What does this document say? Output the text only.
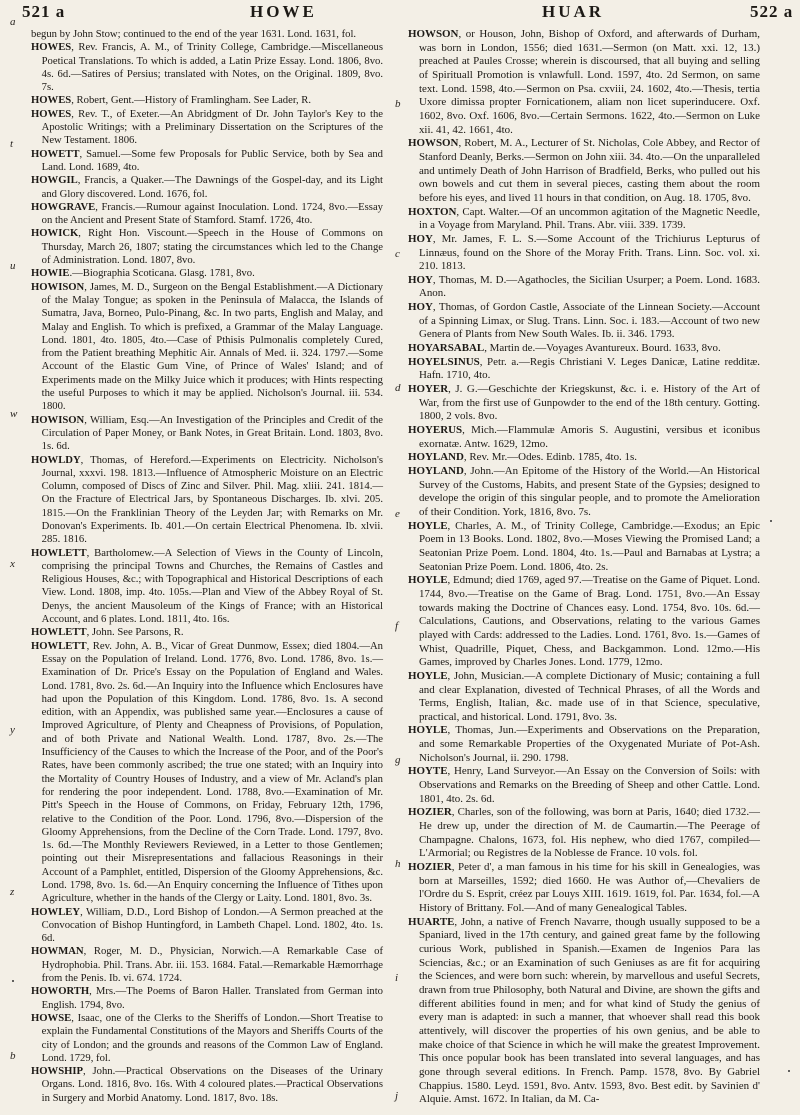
521 a	HOWE	HUAR	522 a

begun by John Stow; continued to the end of the year 1631. Lond. 1631, fol.

HOWES, Rev. Francis, A. M., of Trinity College, Cambridge.—Miscellaneous Poetical Translations. To which is added, a Latin Prize Essay. Lond. 1806, 8vo. 4s. 6d.—Satires of Persius; translated with Notes, on the Original. 1809, 8vo. 7s.

HOWES, Robert, Gent.—History of Framlingham. See Lader, R.

HOWES, Rev. T., of Exeter.—An Abridgment of Dr. John Taylor's Key to the Apostolic Writings; with a Preliminary Dissertation on the Scriptures of the New Testament. 1806.

HOWETT, Samuel.—Some few Proposals for Public Service, both by Sea and Land. Lond. 1689, 4to.

HOWGIL, Francis, a Quaker.—The Dawnings of the Gospel-day, and its Light and Glory discovered. Lond. 1676, fol.

HOWGRAVE, Francis.—Rumour against Inoculation. Lond. 1724, 8vo.—Essay on the Ancient and Present State of Stamford. Stamf. 1726, 4to.

HOWICK, Right Hon. Viscount.—Speech in the House of Commons on Thursday, March 26, 1807; stating the circumstances which led to the Change of Administration. Lond. 1807, 8vo.

HOWIE.—Biographia Scoticana. Glasg. 1781, 8vo.

HOWISON, James, M. D., Surgeon on the Bengal Establishment.—A Dictionary of the Malay Tongue; as spoken in the Peninsula of Malacca, the Islands of Sumatra, Java, Borneo, Pulo-Pinang, &c. In two parts, English and Malay, and Malay and English. To which is prefixed, a Grammar of the Malay Language. Lond. 1801, 4to. 1805, 4to.—Case of Pthisis Pulmonalis completely Cured, from the Patient breathing Mephitic Air. Annals of Med. ii. 324. 1797.—Some Account of the Elastic Gum Vine, of Prince of Wales' Island; and of Experiments made on the Milky Juice which it produces; with Hints respecting the useful Purposes to which it may be applied. Nicholson's Journal. iii. 534. 1800.

HOWISON, William, Esq.—An Investigation of the Principles and Credit of the Circulation of Paper Money, or Bank Notes, in Great Britain. Lond. 1803, 8vo. 1s. 6d.

HOWLDY, Thomas, of Hereford.—Experiments on Electricity. Nicholson's Journal, xxxvi. 198. 1813.—Influence of Atmospheric Moisture on an Electric Column, composed of Discs of Zinc and Silver. Phil. Mag. xliii. 241. 1814.—On the Fracture of Electrical Jars, by Spontaneous Discharges. Ib. xlvi. 205. 1815.—On the Franklinian Theory of the Leyden Jar; with Remarks on Mr. Donovan's Experiments. Ib. 401.—On certain Electrical Phenomena. Ib. xlvii. 285. 1816.

HOWLETT, Bartholomew.—A Selection of Views in the County of Lincoln, comprising the principal Towns and Churches, the Remains of Castles and Religious Houses, &c.; with Topographical and Historical Descriptions of each View. Lond. 1808, imp. 4to. 105s.—Plan and View of the Abbey Royal of St. Denys, the ancient Mausoleum of the Kings of France; with an Historical Account, and 6 plates. Lond. 1811, 4to. 16s.

HOWLETT, John. See Parsons, R.

HOWLETT, Rev. John, A. B., Vicar of Great Dunmow, Essex; died 1804.—An Essay on the Population of Ireland. Lond. 1776, 8vo. Lond. 1786, 8vo. 1s.—Examination of Dr. Price's Essay on the Population of England and Wales. Lond. 1781, 8vo. 2s. 6d.—An Inquiry into the Influence which Enclosures have had upon the Population of this Kingdom. Lond. 1786, 8vo. 1s. A second edition, with an Appendix, was published same year.—Enclosures a cause of Improved Agriculture, of Plenty and Cheapness of Provisions, of Population, and of both Private and National Wealth. Lond. 1787, 8vo. 2s.—The Insufficiency of the Causes to which the Increase of the Poor, and of the Poor's Rates, have been commonly ascribed; the true one stated; with an Inquiry into the Mortality of Country Houses of Industry, and a view of Mr. Acland's plan for rendering the poor independent. Lond. 1788, 8vo.—Examination of Mr. Pitt's Speech in the House of Commons, on Friday, February 12th, 1796, relative to the Condition of the Poor. Lond. 1796, 8vo.—Dispersion of the Gloomy Apprehensions, from the Decline of the Corn Trade. Lond. 1797, 8vo. 1s. 6d.—The Monthly Reviewers Reviewed, in a Letter to those Gentlemen; pointing out their Misrepresentations and fallacious Reasonings in their Account of a Pamphlet, entitled, Dispersion of the Gloomy Apprehensions, &c. Lond. 1798, 8vo. 1s. 6d.—An Enquiry concerning the Influence of Tithes upon Agriculture, whether in the hands of the Clergy or Laity. Lond. 1801, 8vo. 3s.

HOWLEY, William, D.D., Lord Bishop of London.—A Sermon preached at the Convocation of Bishop Huntingford, in Lambeth Chapel. Lond. 1802, 4to. 1s. 6d.

HOWMAN, Roger, M. D., Physician, Norwich.—A Remarkable Case of Hydrophobia. Phil. Trans. Abr. iii. 153. 1684. Fatal.—Remarkable Hæmorrhage from the Penis. Ib. vi. 674. 1724.

HOWORTH, Mrs.—The Poems of Baron Haller. Translated from German into English. 1794, 8vo.

HOWSE, Isaac, one of the Clerks to the Sheriffs of London.—Short Treatise to explain the Fundamental Constitutions of the Mayors and Sheriffs Courts of the city of London; and the grounds and reasons of the Common Law of England. Lond. 1729, fol.

HOWSHIP, John.—Practical Observations on the Diseases of the Urinary Organs. Lond. 1816, 8vo. 16s. With 4 coloured plates.—Practical Observations in Surgery and Morbid Anatomy. Lond. 1817, 8vo. 18s.

HOWSON, or Houson, John, Bishop of Oxford, and afterwards of Durham, was born in London, 1556; died 1631.—Sermon (on Matt. xxi. 12, 13.) preached at Paules Crosse; wherein is discoursed, that all buying and selling of Spirituall Promotion is vnlawfull. Lond. 1597, 4to. 2d Sermon, on same text. Lond. 1598, 4to.—Sermon on Psa. cxviii, 24. 1602, 4to.—Thesis, tertia Uxore dimissa propter Fornicationem, aliam non licet superinducere. Oxf. 1602, 8vo. Oxf. 1606, 8vo.—Certain Sermons. 1622, 4to.—Sermon on Luke xii. 41, 42. 1661, 4to.

HOWSON, Robert, M. A., Lecturer of St. Nicholas, Cole Abbey, and Rector of Stanford Deanly, Berks.—Sermon on John xiii. 34. 4to.—On the unparalleled and untimely Death of John Harrison of Bradfield, Berks, who pulled out his own bowels and cut them in several pieces, casting them about the room before his eyes, and lived 11 hours in that condition, on Aug. 18. 1705, 8vo.

HOXTON, Capt. Walter.—Of an uncommon agitation of the Magnetic Needle, in a Voyage from Maryland. Phil. Trans. Abr. viii. 339. 1739.

HOY, Mr. James, F. L. S.—Some Account of the Trichiurus Lepturus of Linnæus, found on the Shore of the Moray Frith. Trans. Linn. Soc. vol. xi. 210. 1813.

HOY, Thomas, M. D.—Agathocles, the Sicilian Usurper; a Poem. Lond. 1683. Anon.

HOY, Thomas, of Gordon Castle, Associate of the Linnean Society.—Account of a Spinning Limax, or Slug. Trans. Linn. Soc. i. 183.—Account of two new Genera of Plants from New South Wales. Ib. ii. 346. 1793.

HOYARSABAL, Martin de.—Voyages Avantureux. Bourd. 1633, 8vo.

HOYELSINUS, Petr. a.—Regis Christiani V. Leges Danicæ, Latine redditæ. Hafn. 1710, 4to.

HOYER, J. G.—Geschichte der Kriegskunst, &c. i. e. History of the Art of War, from the first use of Gunpowder to the end of the 18th century. Gotting. 1800, 2 vols. 8vo.

HOYERUS, Mich.—Flammulæ Amoris S. Augustini, versibus et iconibus exornatæ. Antw. 1629, 12mo.

HOYLAND, Rev. Mr.—Odes. Edinb. 1785, 4to. 1s.

HOYLAND, John.—An Epitome of the History of the World.—An Historical Survey of the Customs, Habits, and present State of the Gypsies; designed to develope the origin of this singular people, and to promote the Amelioration of their Condition. York, 1816, 8vo. 7s.

HOYLE, Charles, A. M., of Trinity College, Cambridge.—Exodus; an Epic Poem in 13 Books. Lond. 1802, 8vo.—Moses Viewing the Promised Land; a Seatonian Prize Poem. Lond. 1804, 4to. 1s.—Paul and Barnabas at Lystra; a Seatonian Prize Poem. Lond. 1806, 4to. 2s.

HOYLE, Edmund; died 1769, aged 97.—Treatise on the Game of Piquet. Lond. 1744, 8vo.—Treatise on the Game of Brag. Lond. 1751, 8vo.—An Essay towards making the Doctrine of Chances easy. Lond. 1754, 8vo. 10s. 6d.—Calculations, Cautions, and Observations, relating to the various Games played with Cards: addressed to the Ladies. Lond. 1761, 8vo. 1s.—Games of Whist, Quadrille, Piquet, Chess, and Backgammon. Lond. 12mo.—His Games, improved by Charles Jones. Lond. 1779, 12mo.

HOYLE, John, Musician.—A complete Dictionary of Music; containing a full and clear Explanation, divested of Technical Phrases, of all the Words and Terms, English, Italian, &c. made use of in that Science, speculative, practical, and historical. Lond. 1791, 8vo. 3s.

HOYLE, Thomas, Jun.—Experiments and Observations on the Preparation, and some Remarkable Properties of the Oxygenated Muriate of Pot-Ash. Nicholson's Journal, ii. 290. 1798.

HOYTE, Henry, Land Surveyor.—An Essay on the Conversion of Soils: with Observations and Remarks on the Breeding of Sheep and other Cattle. Lond. 1801, 4to. 2s. 6d.

HOZIER, Charles, son of the following, was born at Paris, 1640; died 1732.—He drew up, under the direction of M. de Caumartin.—The Peerage of Champagne. Chalons, 1673, fol. His nephew, who died 1767, compiled—L'Armorial; ou Registres de la Noblesse de France. 10 vols. fol.

HOZIER, Peter d', a man famous in his time for his skill in Genealogies, was born at Marseilles, 1592; died 1660. He was Author of,—Chevaliers de l'Ordre du S. Esprit, créez par Louys XIII. 1619. 1619, fol. Par. 1634, fol.—A History of Brittany. Fol.—And of many Genealogical Tables.

HUARTE, John, a native of French Navarre, though usually supposed to be a Spaniard, lived in the 17th century, and gained great fame by the following curious Work, published in Spanish.—Examen de Ingenios Para las Sciencias, &c.; or an Examination of such Geniuses as are fit for acquiring the Sciences, and were born such: wherein, by marvellous and useful Secrets, drawn from true Philosophy, both Natural and Divine, are shown the gifts and different abilities found in men; and for what kind of Study the genius of every man is adapted: in such a manner, that whoever shall read this book attentively, will discover the properties of his own genius, and be able to make choice of that Science in which he will make the greatest Improvement. This once popular book has been translated into several languages, and has gone through several editions. In French. Pamp. 1578, 8vo. By Gabriel Chappius. 1580. Leyd. 1591, 8vo. Antv. 1593, 8vo. Best edit. by Savinien d' Alquie. Amst. 1672. In Italian, da M. Ca-

a
t
u
w
x
y
z
b
b
c
d
e
f
g
h
i
j
